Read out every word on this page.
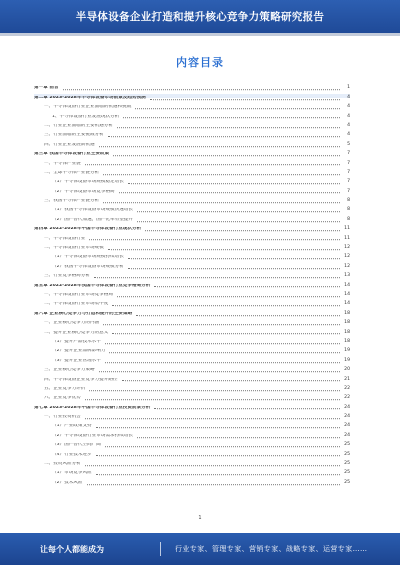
半导体设备企业打造和提升核心竞争力策略研究报告
内容目录
第一章 前言	1
第二章 2023-2028年半导体设备市场前景及趋势预测	4
一、半导体设备行业企业面临的机遇和挑战	4
1、半导体设备行业发展现状分析	4
二、行业企业面临的主要机遇分析	4
三、行业面临的主要挑战分析	4
四、行业企业发展新机遇	5
第三章 我国半导体设备行业主要政策	7
一、半导体产业链	7
二、全球半导体产业链分析	7
（1）半导体设备市场规模稳定增长	7
（2）半导体设备市场竞争格局	7
三、我国半导体产业链分析	8
（1）我国半导体设备市场规模快速增长	8
（2）国产替代加速，国产化率有望提升	8
第四章 2022-2028年中国半导体设备行业现状分析	11
一、半导体设备行业	11
二、半导体设备行业市场规模	12
（1）半导体设备市场规模持续增长	12
（2）我国半导体设备市场规模分析	12
三、行业竞争格局分析	13
第五章 2022-2028年我国半导体设备行业竞争格局分析	14
一、半导体设备行业市场竞争格局	14
二、半导体设备行业市场集中度	14
第六章 企业核心竞争力与打造和提升的主要策略	18
一、企业核心竞争力的内涵	18
二、提升企业核心竞争力的意义	18
（1）提升产品技术水平	18
（2）提升企业品牌影响力	19
（3）提升企业管理水平	19
三、企业核心竞争力策略	20
四、半导体设备企业竞争力提升路径	21
五、企业竞争力评价	22
六、企业竞争优势	22
第七章 2023-2028年中国半导体设备行业投资前景分析	24
一、行业投资机会	24
（1）产业政策支持	24
（2）半导体设备行业市场需求持续增长	24
（3）国产替代空间广阔	25
（4）行业技术进步	25
二、投资风险分析	25
（1）市场竞争风险	25
（2）技术风险	25
1
让每个人都能成为	行业专家、管理专家、营销专家、战略专家、运营专家……
